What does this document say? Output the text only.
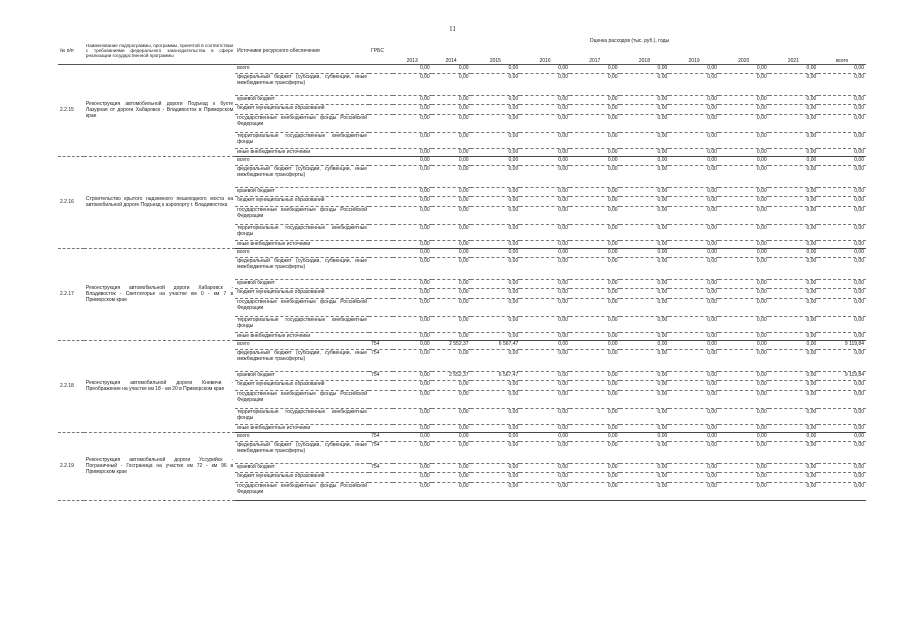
11
№ п/п	Наименование подпрограммы, программы, принятой в соответствии с требованиями федерального законодательства в сфере реализации государственной программы	Источники ресурсного обеспечения	ГРБС	Оценка расходов (тыс. руб.), годы									
				2013	2014	2015	2016	2017	2018	2019	2020	2021	всего
2.2.15	Реконструкция автомобильной дороги Подъезд к бухте Лазурная от дороги Хабаровск - Владивосток в Приморском крае	всего		0,00	0,00	0,00	0,00	0,00	0,00	0,00	0,00	0,00	0,00
		федеральный бюджет (субсидии, субвенции, иные межбюджетные трансферты)		0,00	0,00	0,00	0,00	0,00	0,00	0,00	0,00	0,00	0,00
		краевой бюджет		0,00	0,00	0,00	0,00	0,00	0,00	0,00	0,00	0,00	0,00
		бюджет муниципальных образований		0,00	0,00	0,00	0,00	0,00	0,00	0,00	0,00	0,00	0,00
		государственные внебюджетные фонды Российской Федерации		0,00	0,00	0,00	0,00	0,00	0,00	0,00	0,00	0,00	0,00
		территориальные государственные внебюджетные фонды		0,00	0,00	0,00	0,00	0,00	0,00	0,00	0,00	0,00	0,00
		иные внебюджетные источники		0,00	0,00	0,00	0,00	0,00	0,00	0,00	0,00	0,00	0,00
2.2.16	Строительство крытого надземного пешеходного моста на автомобильной дороге Подъезд к аэропорту г. Владивостока	всего		0,00	0,00	0,00	0,00	0,00	0,00	0,00	0,00	0,00	0,00
		федеральный бюджет (субсидии, субвенции, иные межбюджетные трансферты)		0,00	0,00	0,00	0,00	0,00	0,00	0,00	0,00	0,00	0,00
		краевой бюджет		0,00	0,00	0,00	0,00	0,00	0,00	0,00	0,00	0,00	0,00
		бюджет муниципальных образований		0,00	0,00	0,00	0,00	0,00	0,00	0,00	0,00	0,00	0,00
		государственные внебюджетные фонды Российской Федерации		0,00	0,00	0,00	0,00	0,00	0,00	0,00	0,00	0,00	0,00
		территориальные государственные внебюджетные фонды		0,00	0,00	0,00	0,00	0,00	0,00	0,00	0,00	0,00	0,00
		иные внебюджетные источники		0,00	0,00	0,00	0,00	0,00	0,00	0,00	0,00	0,00	0,00
2.2.17	Реконструкция автомобильной дороги Хабаровск - Владивосток - Светлогорье на участке км 0 - км 7 в Приморском крае	всего		0,00	0,00	0,00	0,00	0,00	0,00	0,00	0,00	0,00	0,00
		федеральный бюджет (субсидии, субвенции, иные межбюджетные трансферты)		0,00	0,00	0,00	0,00	0,00	0,00	0,00	0,00	0,00	0,00
		краевой бюджет		0,00	0,00	0,00	0,00	0,00	0,00	0,00	0,00	0,00	0,00
		бюджет муниципальных образований		0,00	0,00	0,00	0,00	0,00	0,00	0,00	0,00	0,00	0,00
		государственные внебюджетные фонды Российской Федерации		0,00	0,00	0,00	0,00	0,00	0,00	0,00	0,00	0,00	0,00
		территориальные государственные внебюджетные фонды		0,00	0,00	0,00	0,00	0,00	0,00	0,00	0,00	0,00	0,00
		иные внебюджетные источники		0,00	0,00	0,00	0,00	0,00	0,00	0,00	0,00	0,00	0,00
2.2.18	Реконструкция автомобильной дороги Кневичи - Преображение на участке км 18 - км 20 в Приморском крае	всего	754	0,00	2 552,37	6 567,47	0,00	0,00	0,00	0,00	0,00	0,00	9 119,84
		федеральный бюджет (субсидии, субвенции, иные межбюджетные трансферты)	754	0,00	0,00	0,00	0,00	0,00	0,00	0,00	0,00	0,00	0,00
		краевой бюджет	754	0,00	2 552,37	6 567,47	0,00	0,00	0,00	0,00	0,00	0,00	9 119,84
		бюджет муниципальных образований		0,00	0,00	0,00	0,00	0,00	0,00	0,00	0,00	0,00	0,00
		государственные внебюджетные фонды Российской Федерации		0,00	0,00	0,00	0,00	0,00	0,00	0,00	0,00	0,00	0,00
		территориальные государственные внебюджетные фонды		0,00	0,00	0,00	0,00	0,00	0,00	0,00	0,00	0,00	0,00
		иные внебюджетные источники		0,00	0,00	0,00	0,00	0,00	0,00	0,00	0,00	0,00	0,00
2.2.19	Реконструкция автомобильной дороги Уссурийск - Пограничный - Госграница на участке км 72 - км 96 в Приморском крае	всего	754	0,00	0,00	0,00	0,00	0,00	0,00	0,00	0,00	0,00	0,00
		федеральный бюджет (субсидии, субвенции, иные межбюджетные трансферты)	754	0,00	0,00	0,00	0,00	0,00	0,00	0,00	0,00	0,00	0,00
		краевой бюджет	754	0,00	0,00	0,00	0,00	0,00	0,00	0,00	0,00	0,00	0,00
		бюджет муниципальных образований		0,00	0,00	0,00	0,00	0,00	0,00	0,00	0,00	0,00	0,00
		государственные внебюджетные фонды Российской Федерации		0,00	0,00	0,00	0,00	0,00	0,00	0,00	0,00	0,00	0,00
